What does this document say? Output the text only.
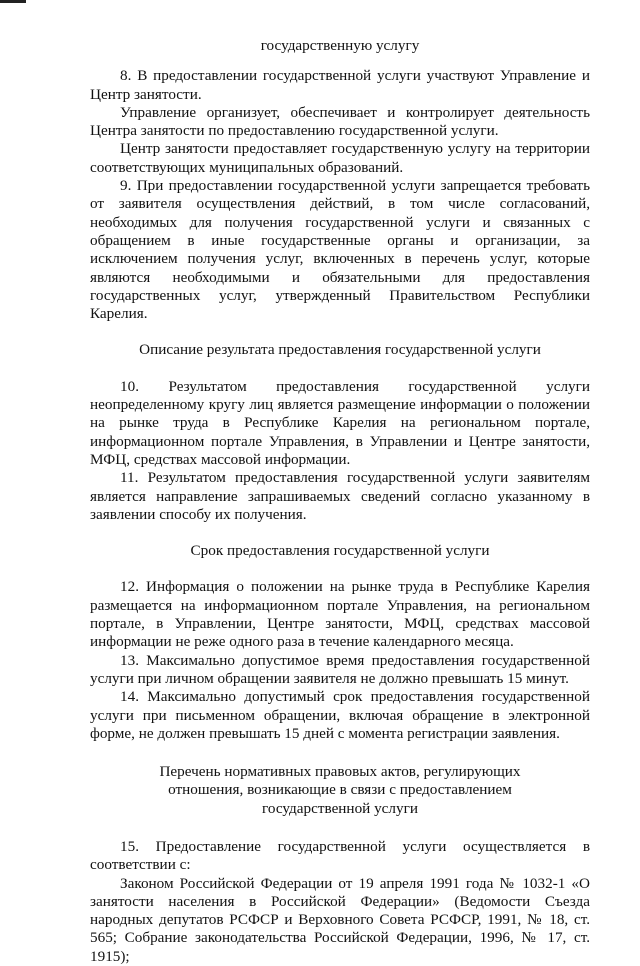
государственную услугу

8. В предоставлении государственной услуги участвуют Управление и Центр занятости.

Управление организует, обеспечивает и контролирует деятельность Центра занятости по предоставлению государственной услуги.

Центр занятости предоставляет государственную услугу на территории соответствующих муниципальных образований.

9. При предоставлении государственной услуги запрещается требовать от заявителя осуществления действий, в том числе согласований, необходимых для получения государственной услуги и связанных с обращением в иные государственные органы и организации, за исключением получения услуг, включенных в перечень услуг, которые являются необходимыми и обязательными для предоставления государственных услуг, утвержденный Правительством Республики Карелия.

Описание результата предоставления государственной услуги

10. Результатом предоставления государственной услуги неопределенному кругу лиц является размещение информации о положении на рынке труда в Республике Карелия на региональном портале, информационном портале Управления, в Управлении и Центре занятости, МФЦ, средствах массовой информации.

11. Результатом предоставления государственной услуги заявителям является направление запрашиваемых сведений согласно указанному в заявлении способу их получения.

Срок предоставления государственной услуги

12. Информация о положении на рынке труда в Республике Карелия размещается на информационном портале Управления, на региональном портале, в Управлении, Центре занятости, МФЦ, средствах массовой информации не реже одного раза в течение календарного месяца.

13. Максимально допустимое время предоставления государственной услуги при личном обращении заявителя не должно превышать 15 минут.

14. Максимально допустимый срок предоставления государственной услуги при письменном обращении, включая обращение в электронной форме, не должен превышать 15 дней с момента регистрации заявления.

Перечень нормативных правовых актов, регулирующих

отношения, возникающие в связи с предоставлением

государственной услуги

15. Предоставление государственной услуги осуществляется в соответствии с:

Законом Российской Федерации от 19 апреля 1991 года № 1032-1 «О занятости населения в Российской Федерации» (Ведомости Съезда народных депутатов РСФСР и Верховного Совета РСФСР, 1991, № 18, ст. 565; Собрание законодательства Российской Федерации, 1996, № 17, ст. 1915);
